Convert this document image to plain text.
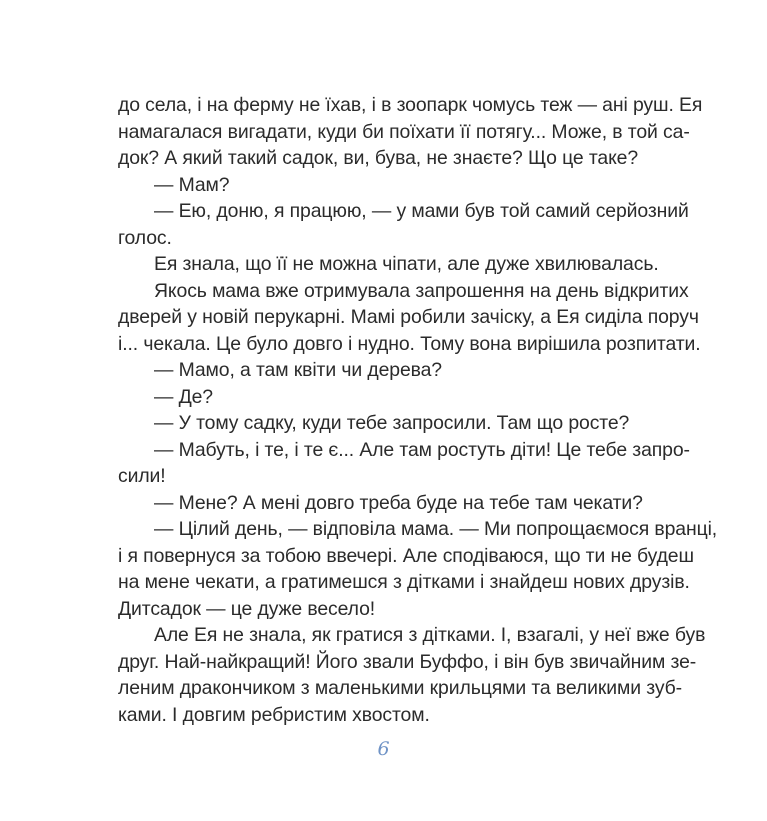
до села, і на ферму не їхав, і в зоопарк чомусь теж — ані руш. Ея
намагалася вигадати, куди би поїхати її потягу... Може, в той са-
док? А який такий садок, ви, бува, не знаєте? Що це таке?
— Мам?
— Ею, доню, я працюю, — у мами був той самий серйозний
голос.
Ея знала, що її не можна чіпати, але дуже хвилювалась.
Якось мама вже отримувала запрошення на день відкритих
дверей у новій перукарні. Мамі робили зачіску, а Ея сиділа поруч
і... чекала. Це було довго і нудно. Тому вона вирішила розпитати.
— Мамо, а там квіти чи дерева?
— Де?
— У тому садку, куди тебе запросили. Там що росте?
— Мабуть, і те, і те є... Але там ростуть діти! Це тебе запро-
сили!
— Мене? А мені довго треба буде на тебе там чекати?
— Цілий день, — відповіла мама. — Ми попрощаємося вранці,
і я повернуся за тобою ввечері. Але сподіваюся, що ти не будеш
на мене чекати, а гратимешся з дітками і знайдеш нових друзів.
Дитсадок — це дуже весело!
Але Ея не знала, як гратися з дітками. І, взагалі, у неї вже був
друг. Най-найкращий! Його звали Буффо, і він був звичайним зе-
леним дракончиком з маленькими крильцями та великими зуб-
ками. І довгим ребристим хвостом.
6
